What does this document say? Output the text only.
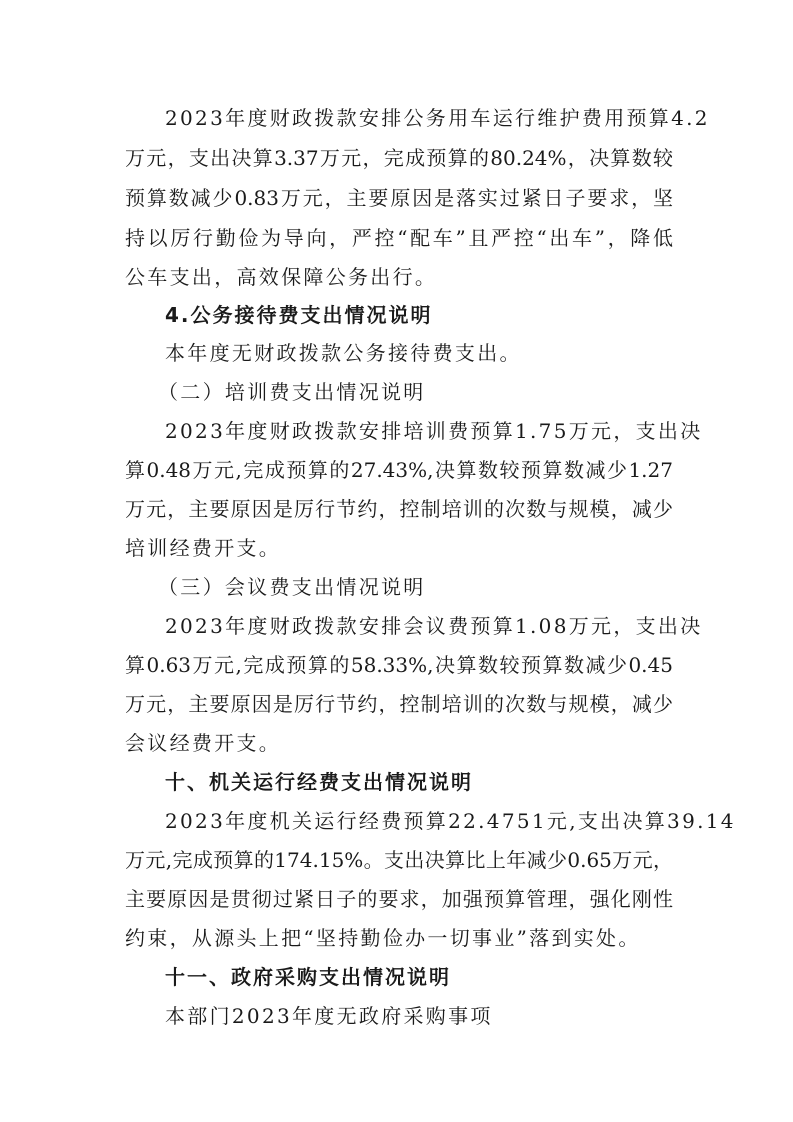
2023年度财政拨款安排公务用车运行维护费用预算4.2
万元，支出决算3.37万元，完成预算的80.24%，决算数较
预算数减少0.83万元，主要原因是落实过紧日子要求，坚
持以厉行勤俭为导向，严控“配车”且严控“出车”，降低
公车支出，高效保障公务出行。
4.公务接待费支出情况说明
本年度无财政拨款公务接待费支出。
（二）培训费支出情况说明
2023年度财政拨款安排培训费预算1.75万元，支出决
算0.48万元,完成预算的27.43%,决算数较预算数减少1.27
万元，主要原因是厉行节约，控制培训的次数与规模，减少
培训经费开支。
（三）会议费支出情况说明
2023年度财政拨款安排会议费预算1.08万元，支出决
算0.63万元,完成预算的58.33%,决算数较预算数减少0.45
万元，主要原因是厉行节约，控制培训的次数与规模，减少
会议经费开支。
十、机关运行经费支出情况说明
2023年度机关运行经费预算22.4751元,支出决算39.14
万元,完成预算的174.15%。支出决算比上年减少0.65万元，
主要原因是贯彻过紧日子的要求，加强预算管理，强化刚性
约束，从源头上把“坚持勤俭办一切事业”落到实处。
十一、政府采购支出情况说明
本部门2023年度无政府采购事项
